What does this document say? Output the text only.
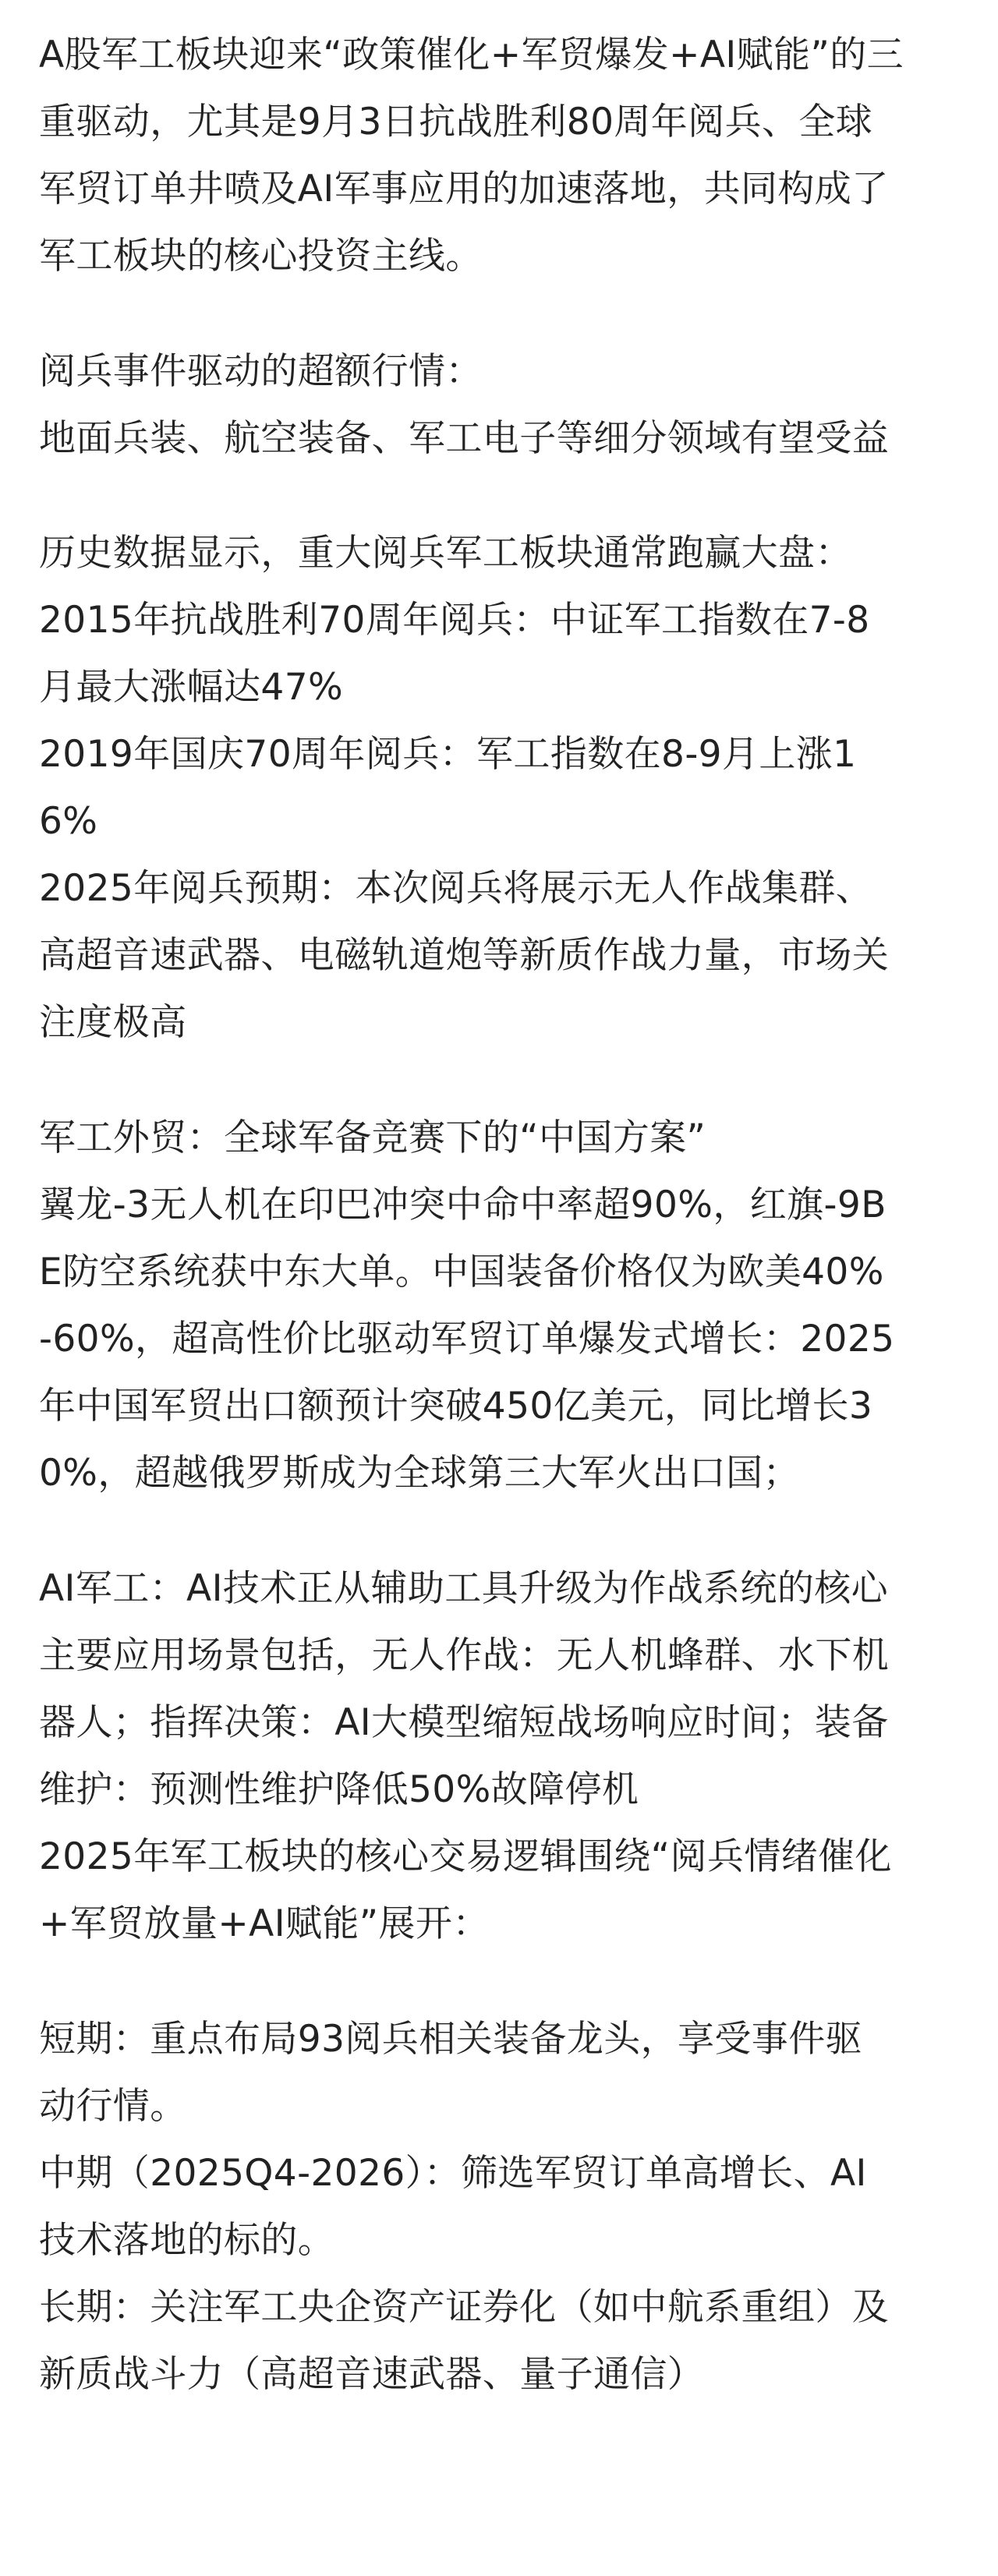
A股军工板块迎来“政策催化+军贸爆发+AI赋能”的三
重驱动，尤其是9月3日抗战胜利80周年阅兵、全球
军贸订单井喷及AI军事应用的加速落地，共同构成了
军工板块的核心投资主线。
阅兵事件驱动的超额行情：
地面兵装、航空装备、军工电子等细分领域有望受益
历史数据显示，重大阅兵军工板块通常跑赢大盘：
2015年抗战胜利70周年阅兵：中证军工指数在7-8
月最大涨幅达47%
2019年国庆70周年阅兵：军工指数在8-9月上涨1
6%
2025年阅兵预期：本次阅兵将展示无人作战集群、
高超音速武器、电磁轨道炮等新质作战力量，市场关
注度极高
军工外贸：全球军备竞赛下的“中国方案”
翼龙-3无人机在印巴冲突中命中率超90%，红旗-9B
E防空系统获中东大单。中国装备价格仅为欧美40%
-60%，超高性价比驱动军贸订单爆发式增长：2025
年中国军贸出口额预计突破450亿美元，同比增长3
0%，超越俄罗斯成为全球第三大军火出口国；
AI军工：AI技术正从辅助工具升级为作战系统的核心
主要应用场景包括，无人作战：无人机蜂群、水下机
器人；指挥决策：AI大模型缩短战场响应时间；装备
维护：预测性维护降低50%故障停机
2025年军工板块的核心交易逻辑围绕“阅兵情绪催化
+军贸放量+AI赋能”展开：
短期：重点布局93阅兵相关装备龙头，享受事件驱
动行情。
中期（2025Q4-2026）：筛选军贸订单高增长、AI
技术落地的标的。
长期：关注军工央企资产证券化（如中航系重组）及
新质战斗力（高超音速武器、量子通信）
